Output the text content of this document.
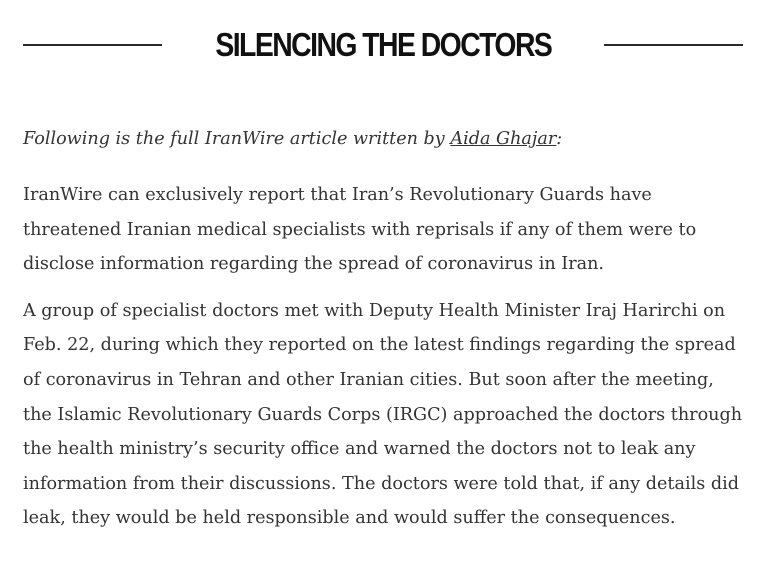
SILENCING THE DOCTORS

Following is the full IranWire article written by Aida Ghajar:

IranWire can exclusively report that Iran’s Revolutionary Guards have threatened Iranian medical specialists with reprisals if any of them were to disclose information regarding the spread of coronavirus in Iran.

A group of specialist doctors met with Deputy Health Minister Iraj Harirchi on Feb. 22, during which they reported on the latest findings regarding the spread of coronavirus in Tehran and other Iranian cities. But soon after the meeting, the Islamic Revolutionary Guards Corps (IRGC) approached the doctors through the health ministry’s security office and warned the doctors not to leak any information from their discussions. The doctors were told that, if any details did leak, they would be held responsible and would suffer the consequences.
